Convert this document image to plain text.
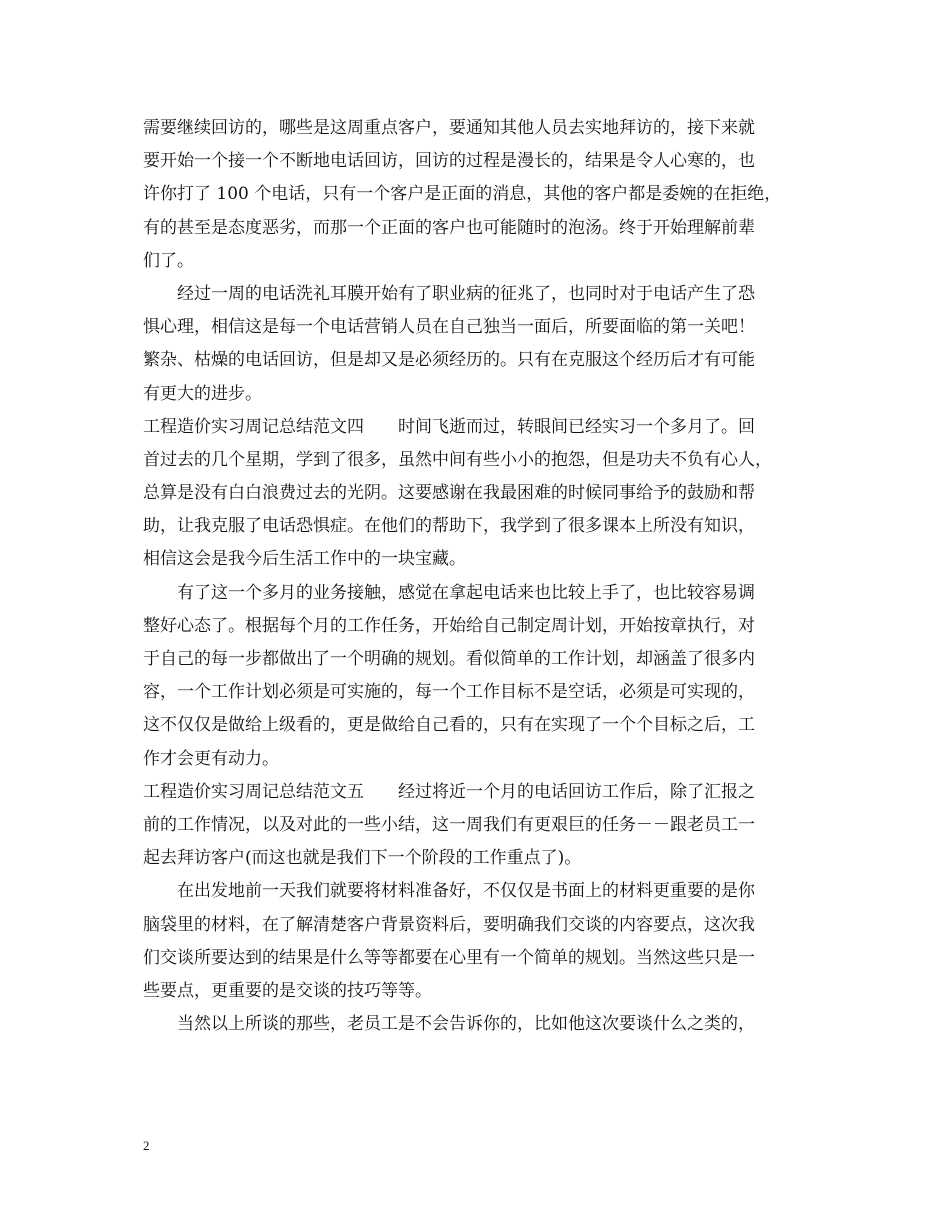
需要继续回访的，哪些是这周重点客户，要通知其他人员去实地拜访的，接下来就
要开始一个接一个不断地电话回访，回访的过程是漫长的，结果是令人心寒的，也
许你打了 100 个电话，只有一个客户是正面的消息，其他的客户都是委婉的在拒绝，
有的甚至是态度恶劣，而那一个正面的客户也可能随时的泡汤。终于开始理解前辈
们了。
　　经过一周的电话洗礼耳膜开始有了职业病的征兆了，也同时对于电话产生了恐
惧心理，相信这是每一个电话营销人员在自己独当一面后，所要面临的第一关吧！
繁杂、枯燥的电话回访，但是却又是必须经历的。只有在克服这个经历后才有可能
有更大的进步。
工程造价实习周记总结范文四　　时间飞逝而过，转眼间已经实习一个多月了。回
首过去的几个星期，学到了很多，虽然中间有些小小的抱怨，但是功夫不负有心人，
总算是没有白白浪费过去的光阴。这要感谢在我最困难的时候同事给予的鼓励和帮
助，让我克服了电话恐惧症。在他们的帮助下，我学到了很多课本上所没有知识，
相信这会是我今后生活工作中的一块宝藏。
　　有了这一个多月的业务接触，感觉在拿起电话来也比较上手了，也比较容易调
整好心态了。根据每个月的工作任务，开始给自己制定周计划，开始按章执行，对
于自己的每一步都做出了一个明确的规划。看似简单的工作计划，却涵盖了很多内
容，一个工作计划必须是可实施的，每一个工作目标不是空话，必须是可实现的，
这不仅仅是做给上级看的，更是做给自己看的，只有在实现了一个个目标之后，工
作才会更有动力。
工程造价实习周记总结范文五　　经过将近一个月的电话回访工作后，除了汇报之
前的工作情况，以及对此的一些小结，这一周我们有更艰巨的任务－－跟老员工一
起去拜访客户(而这也就是我们下一个阶段的工作重点了)。
　　在出发地前一天我们就要将材料准备好，不仅仅是书面上的材料更重要的是你
脑袋里的材料，在了解清楚客户背景资料后，要明确我们交谈的内容要点，这次我
们交谈所要达到的结果是什么等等都要在心里有一个简单的规划。当然这些只是一
些要点，更重要的是交谈的技巧等等。
　　当然以上所谈的那些，老员工是不会告诉你的，比如他这次要谈什么之类的，
2
